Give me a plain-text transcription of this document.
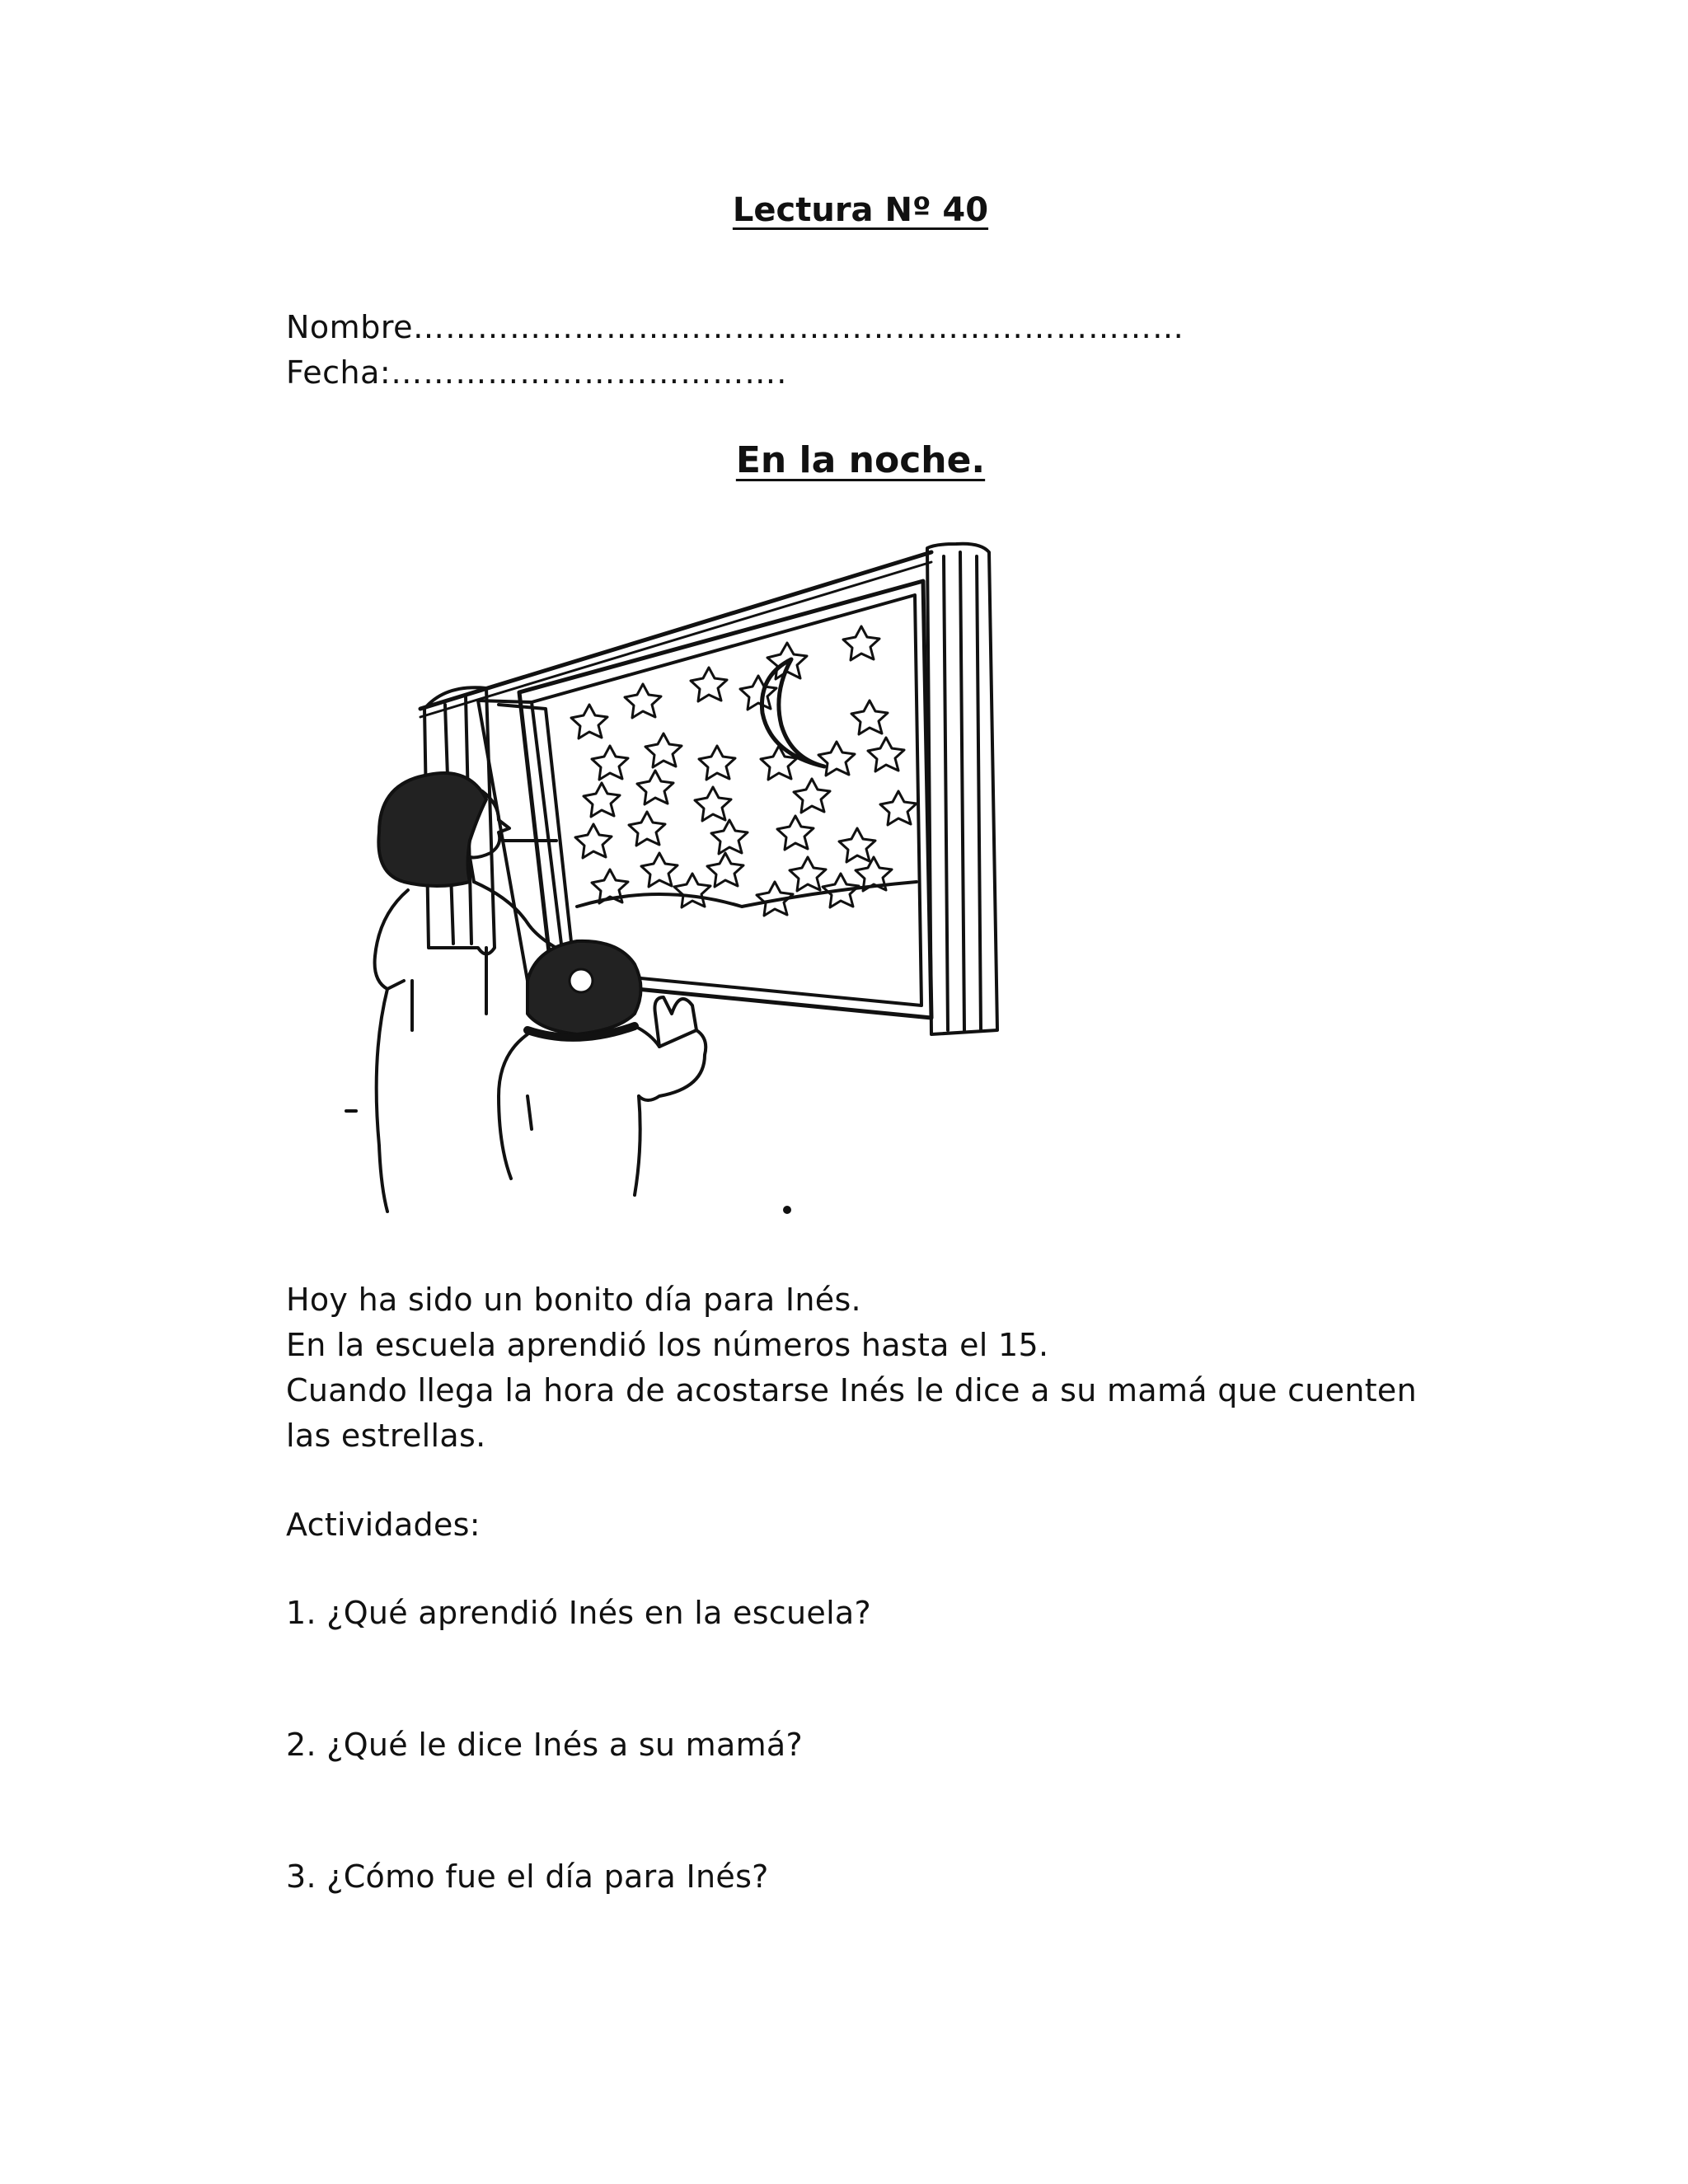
Lectura Nº 40
Nombre………………………………………………………………
Fecha:……………………………….
En la noche.
Hoy ha sido un bonito día para Inés.
En la escuela aprendió los números hasta el 15.
Cuando llega la hora de acostarse Inés le dice a su mamá que cuenten
las estrellas.
Actividades:
1. ¿Qué aprendió Inés en la escuela?
2. ¿Qué le dice Inés a su mamá?
3. ¿Cómo fue el día para Inés?
